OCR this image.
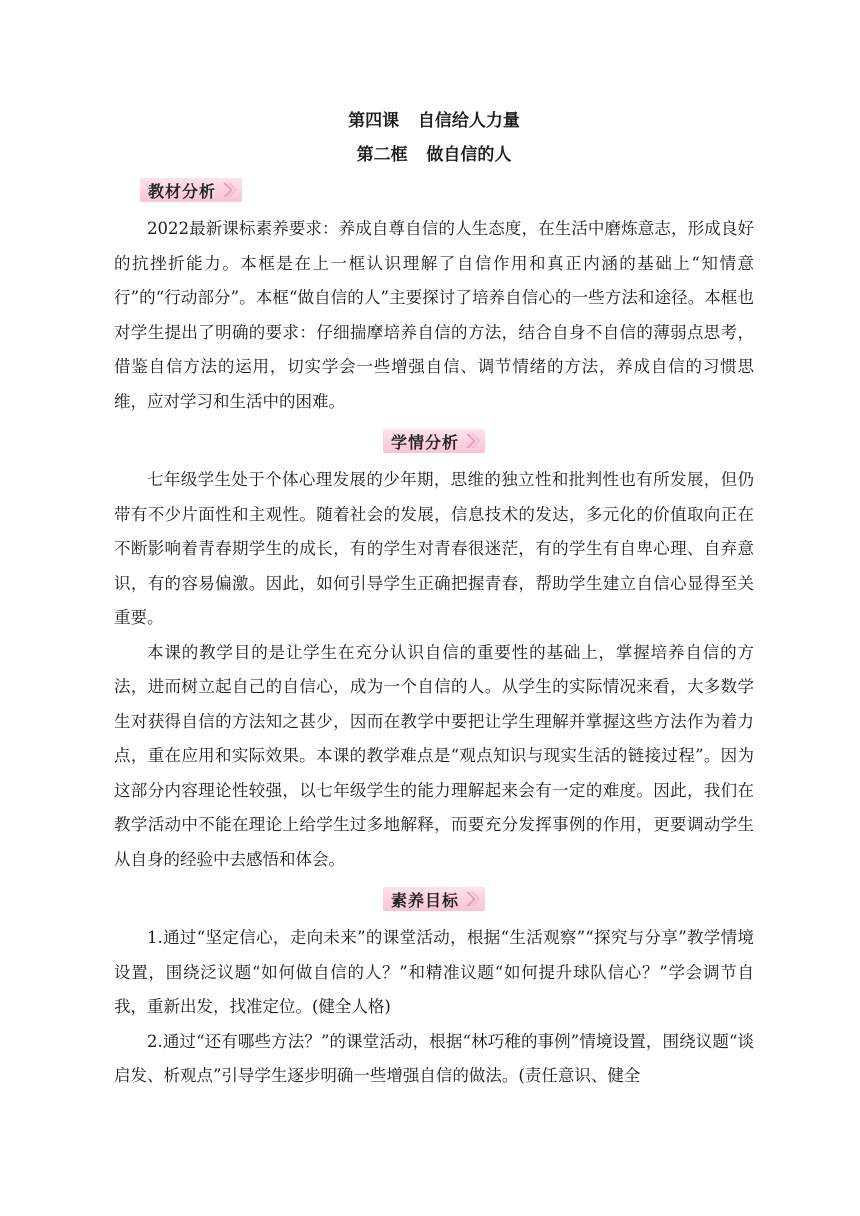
第四课 自信给人力量
第二框 做自信的人
教材分析

2022最新课标素养要求：养成自尊自信的人生态度，在生活中磨炼意志，形成良好的抗挫折能力。本框是在上一框认识理解了自信作用和真正内涵的基础上“知情意行”的“行动部分”。本框“做自信的人”主要探讨了培养自信心的一些方法和途径。本框也对学生提出了明确的要求：仔细揣摩培养自信的方法，结合自身不自信的薄弱点思考，借鉴自信方法的运用，切实学会一些增强自信、调节情绪的方法，养成自信的习惯思维，应对学习和生活中的困难。

学情分析

七年级学生处于个体心理发展的少年期，思维的独立性和批判性也有所发展，但仍带有不少片面性和主观性。随着社会的发展，信息技术的发达，多元化的价值取向正在不断影响着青春期学生的成长，有的学生对青春很迷茫，有的学生有自卑心理、自弃意识，有的容易偏激。因此，如何引导学生正确把握青春，帮助学生建立自信心显得至关重要。

本课的教学目的是让学生在充分认识自信的重要性的基础上，掌握培养自信的方法，进而树立起自己的自信心，成为一个自信的人。从学生的实际情况来看，大多数学生对获得自信的方法知之甚少，因而在教学中要把让学生理解并掌握这些方法作为着力点，重在应用和实际效果。本课的教学难点是“观点知识与现实生活的链接过程”。因为这部分内容理论性较强，以七年级学生的能力理解起来会有一定的难度。因此，我们在教学活动中不能在理论上给学生过多地解释，而要充分发挥事例的作用，更要调动学生从自身的经验中去感悟和体会。

素养目标

1.通过“坚定信心，走向未来”的课堂活动，根据“生活观察”“探究与分享”教学情境设置，围绕泛议题“如何做自信的人？”和精准议题“如何提升球队信心？”学会调节自我，重新出发，找准定位。(健全人格)

2.通过“还有哪些方法？”的课堂活动，根据“林巧稚的事例”情境设置，围绕议题“谈启发、析观点”引导学生逐步明确一些增强自信的做法。(责任意识、健全
